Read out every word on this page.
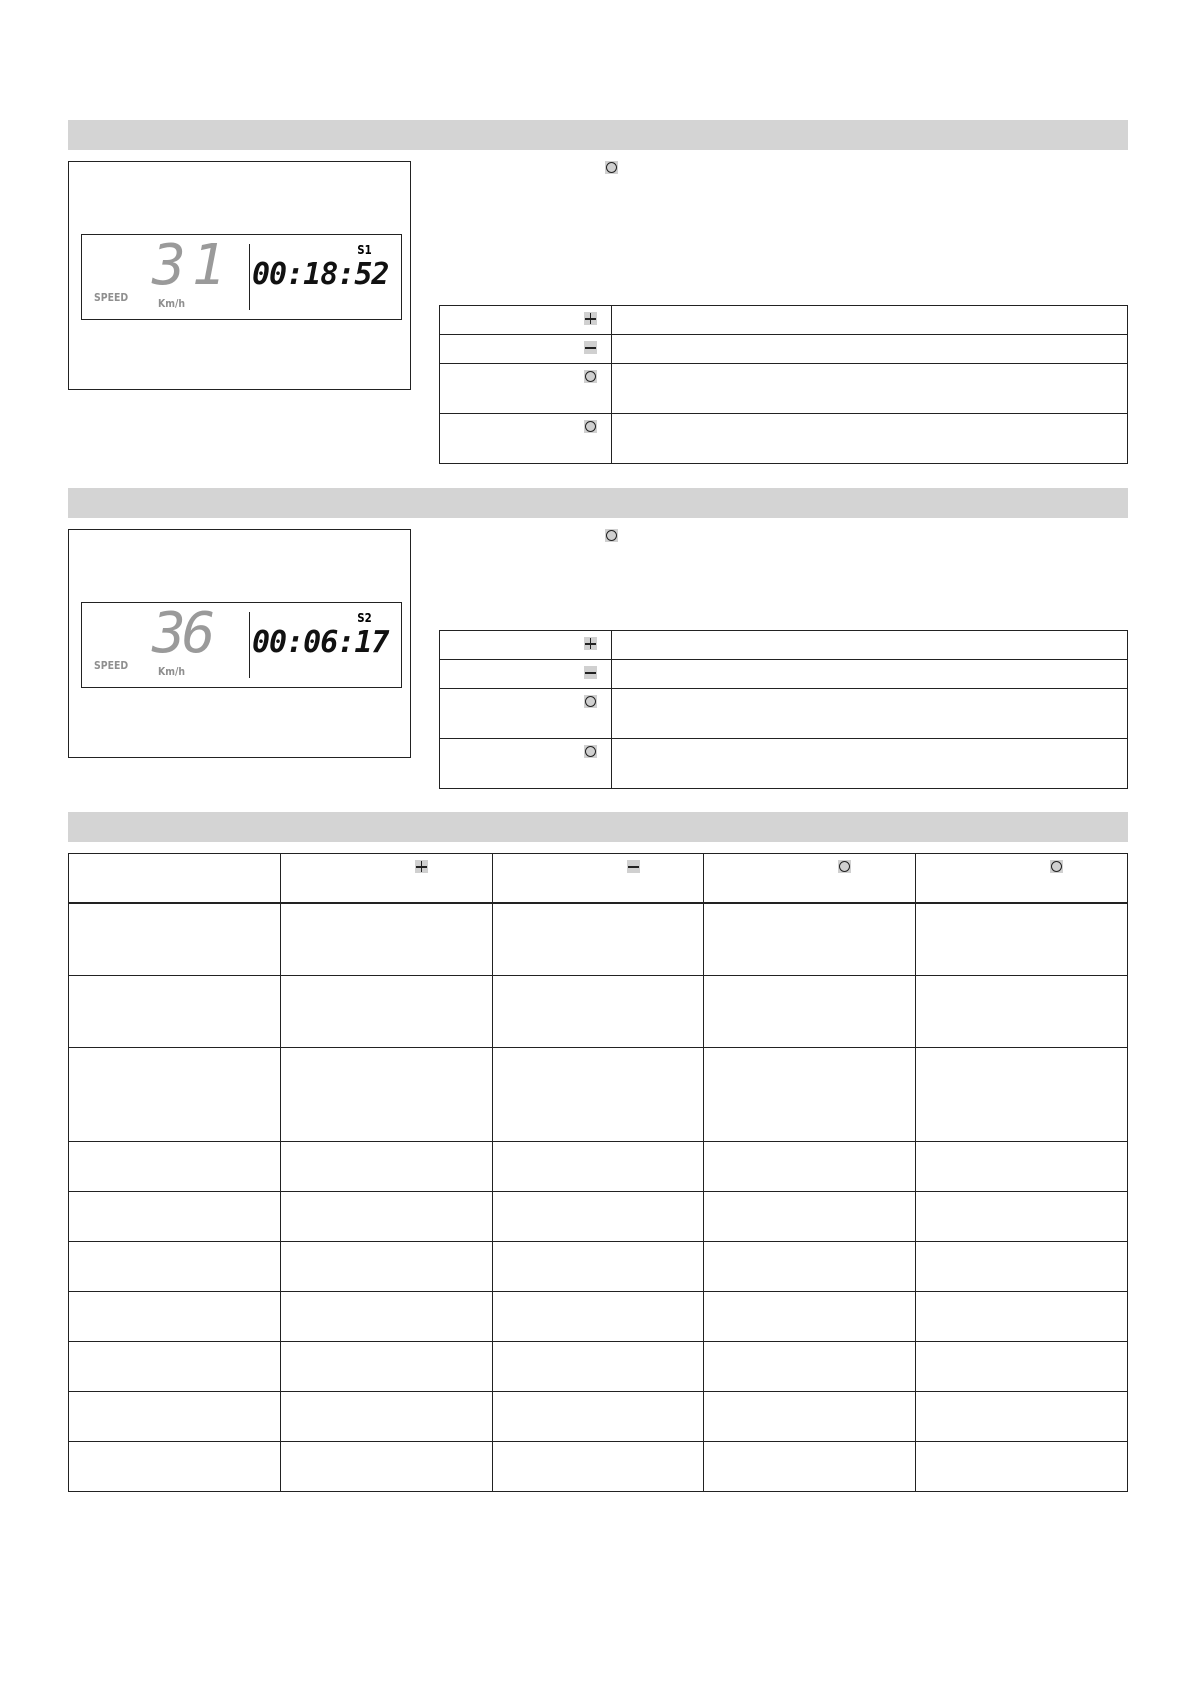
31
SPEED	Km/h
S1
00:18:52

36
SPEED	Km/h
S2
00:06:17
